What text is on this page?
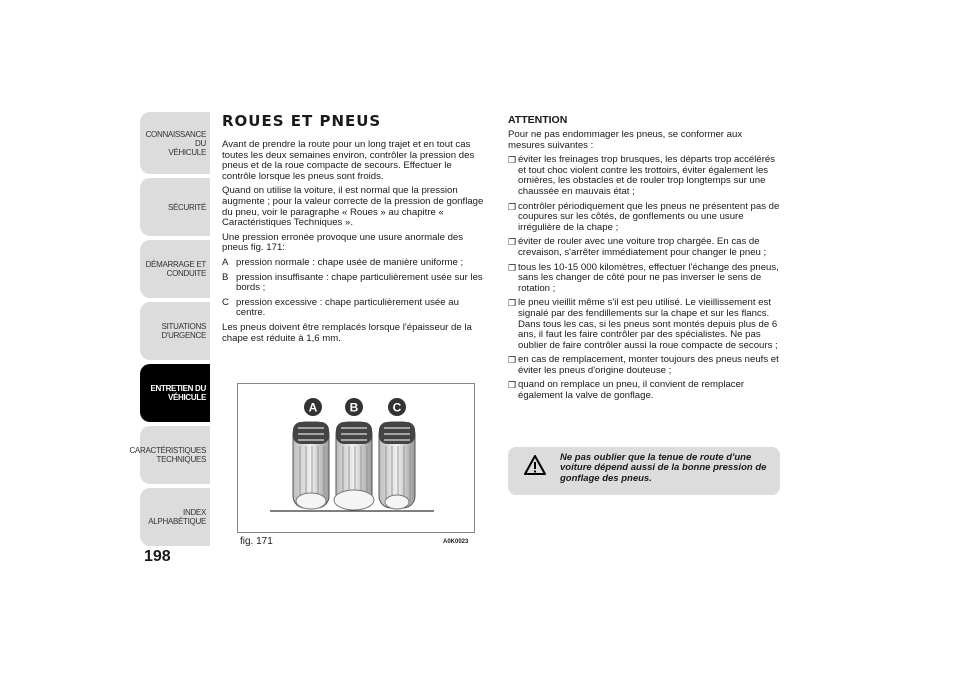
CONNAISSANCE DU
VÉHICULE
SÉCURITÉ
DÉMARRAGE ET
CONDUITE
SITUATIONS
D'URGENCE
ENTRETIEN DU
VÉHICULE
CARACTÉRISTIQUES
TECHNIQUES
INDEX
ALPHABÉTIQUE
198
ROUES ET PNEUS

Avant de prendre la route pour un long trajet et en tout cas toutes les deux semaines environ, contrôler la pression des pneus et de la roue compacte de secours. Effectuer le contrôle lorsque les pneus sont froids.

Quand on utilise la voiture, il est normal que la pression augmente ; pour la valeur correcte de la pression de gonflage du pneu, voir le paragraphe « Roues » au chapitre « Caractéristiques Techniques ».

Une pression erronée provoque une usure anormale des pneus fig. 171:

A pression normale : chape usée de manière uniforme ;
B pression insuffisante : chape particulièrement usée sur les bords ;
C pression excessive : chape particulièrement usée au centre.

Les pneus doivent être remplacés lorsque l'épaisseur de la chape est réduite à 1,6 mm.

A	B	C
fig. 171	A0K0023
ATTENTION

Pour ne pas endommager les pneus, se conformer aux mesures suivantes :

❒ éviter les freinages trop brusques, les départs trop accélérés et tout choc violent contre les trottoirs, éviter également les ornières, les obstacles et de rouler trop longtemps sur une chaussée en mauvais état ;
❒ contrôler périodiquement que les pneus ne présentent pas de coupures sur les côtés, de gonflements ou une usure irrégulière de la chape ;
❒ éviter de rouler avec une voiture trop chargée. En cas de crevaison, s'arrêter immédiatement pour changer le pneu ;
❒ tous les 10-15 000 kilomètres, effectuer l'échange des pneus, sans les changer de côté pour ne pas inverser le sens de rotation ;
❒ le pneu vieillit même s'il est peu utilisé. Le vieillissement est signalé par des fendillements sur la chape et sur les flancs. Dans tous les cas, si les pneus sont montés depuis plus de 6 ans, il faut les faire contrôler par des spécialistes. Ne pas oublier de faire contrôler aussi la roue compacte de secours ;
❒ en cas de remplacement, monter toujours des pneus neufs et éviter les pneus d'origine douteuse ;
❒ quand on remplace un pneu, il convient de remplacer également la valve de gonflage.
Ne pas oublier que la tenue de route d'une voiture dépend aussi de la bonne pression de gonflage des pneus.
